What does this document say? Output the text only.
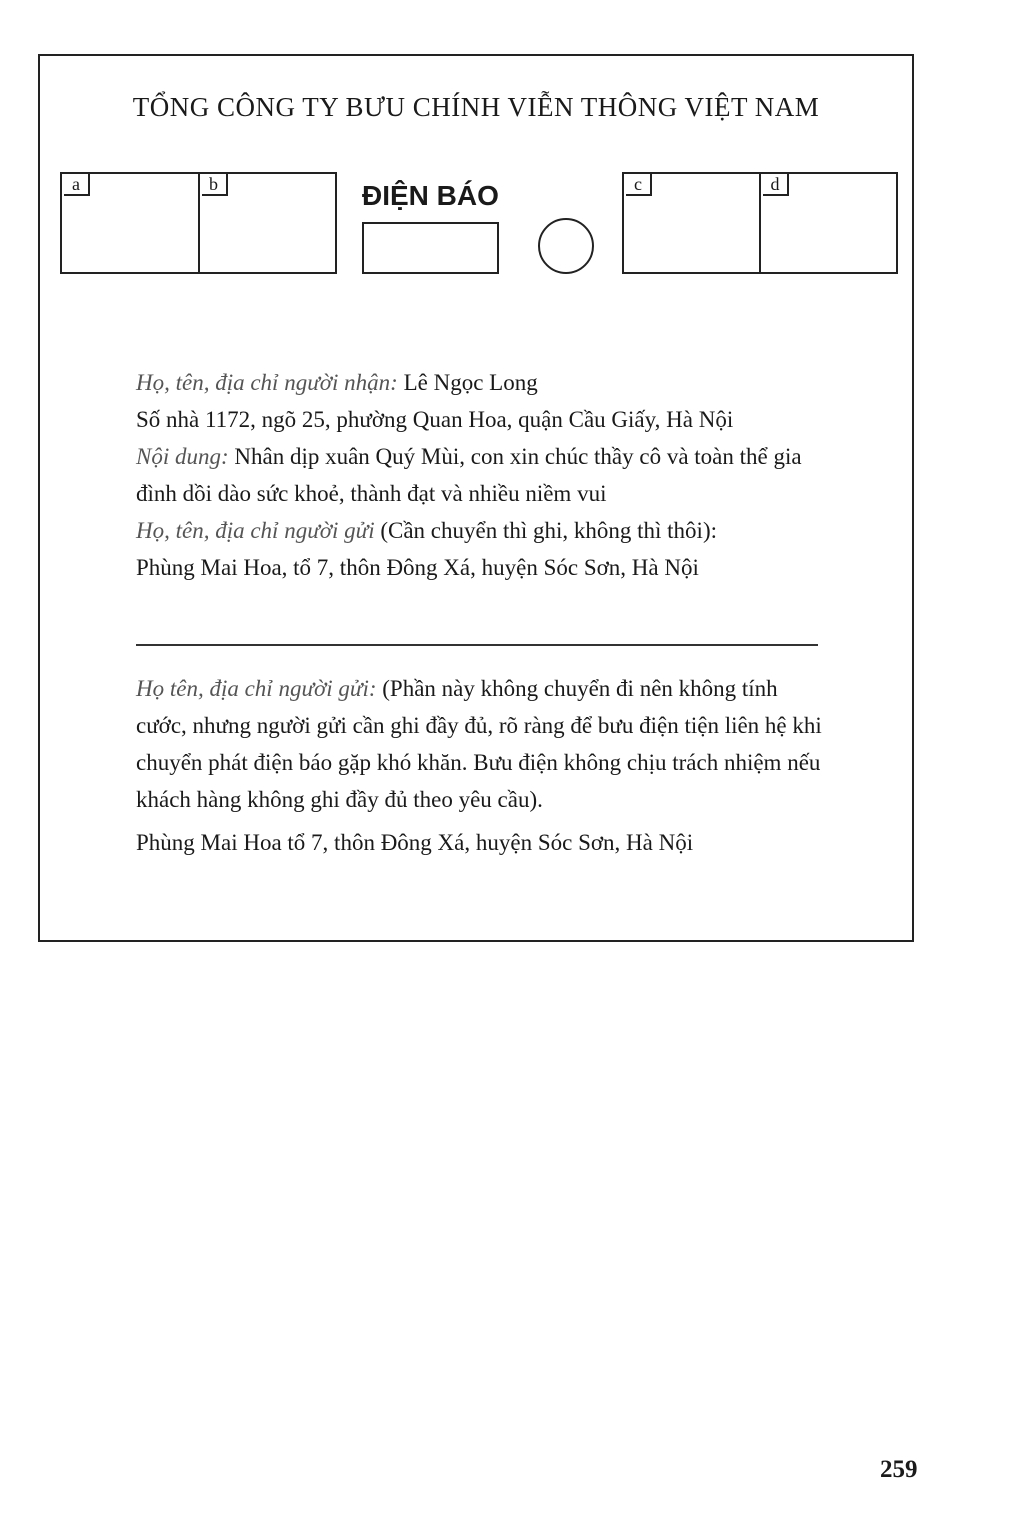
TỔNG CÔNG TY BƯU CHÍNH VIỄN THÔNG VIỆT NAM
a	b	ĐIỆN BÁO	c	d

Họ, tên, địa chỉ người nhận: Lê Ngọc Long

Số nhà 1172, ngõ 25, phường Quan Hoa, quận Cầu Giấy, Hà Nội

Nội dung: Nhân dịp xuân Quý Mùi, con xin chúc thầy cô và toàn thể gia đình dồi dào sức khoẻ, thành đạt và nhiều niềm vui

Họ, tên, địa chỉ người gửi (Cần chuyển thì ghi, không thì thôi):

Phùng Mai Hoa, tổ 7, thôn Đông Xá, huyện Sóc Sơn, Hà Nội

Họ tên, địa chỉ người gửi: (Phần này không chuyển đi nên không tính cước, nhưng người gửi cần ghi đầy đủ, rõ ràng để bưu điện tiện liên hệ khi chuyển phát điện báo gặp khó khăn. Bưu điện không chịu trách nhiệm nếu khách hàng không ghi đầy đủ theo yêu cầu).

Phùng Mai Hoa tổ 7, thôn Đông Xá, huyện Sóc Sơn, Hà Nội

259
